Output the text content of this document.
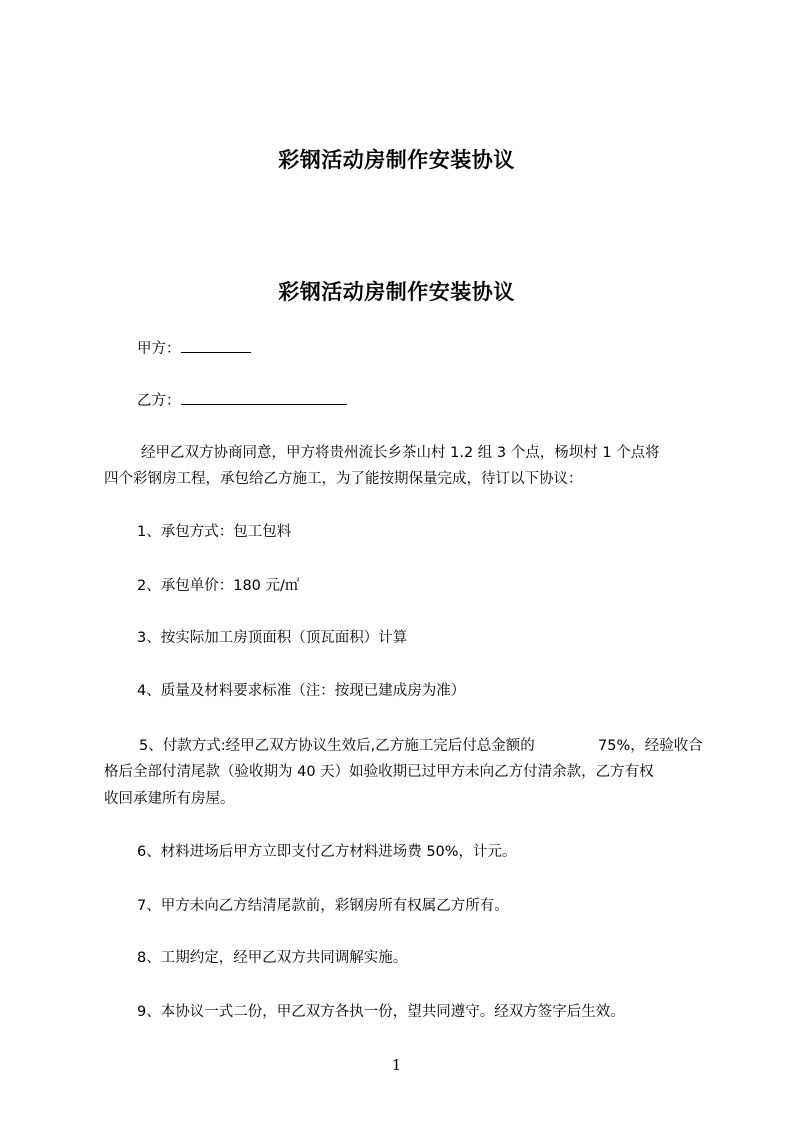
彩钢活动房制作安装协议
彩钢活动房制作安装协议

甲方：

乙方：

经甲乙双方协商同意，甲方将贵州流长乡茶山村 1.2 组 3 个点，杨坝村 1 个点将

四个彩钢房工程，承包给乙方施工，为了能按期保量完成，待订以下协议：

1、承包方式：包工包料

2、承包单价：180 元/㎡

3、按实际加工房顶面积（顶瓦面积）计算

4、质量及材料要求标准（注：按现已建成房为准）

5、付款方式:经甲乙双方协议生效后,乙方施工完后付总金额的	75%，经验收合

格后全部付清尾款（验收期为 40 天）如验收期已过甲方未向乙方付清余款，乙方有权

收回承建所有房屋。

6、材料进场后甲方立即支付乙方材料进场费 50%，计元。

7、甲方未向乙方结清尾款前，彩钢房所有权属乙方所有。

8、工期约定，经甲乙双方共同调解实施。

9、本协议一式二份，甲乙双方各执一份，望共同遵守。经双方签字后生效。

1
